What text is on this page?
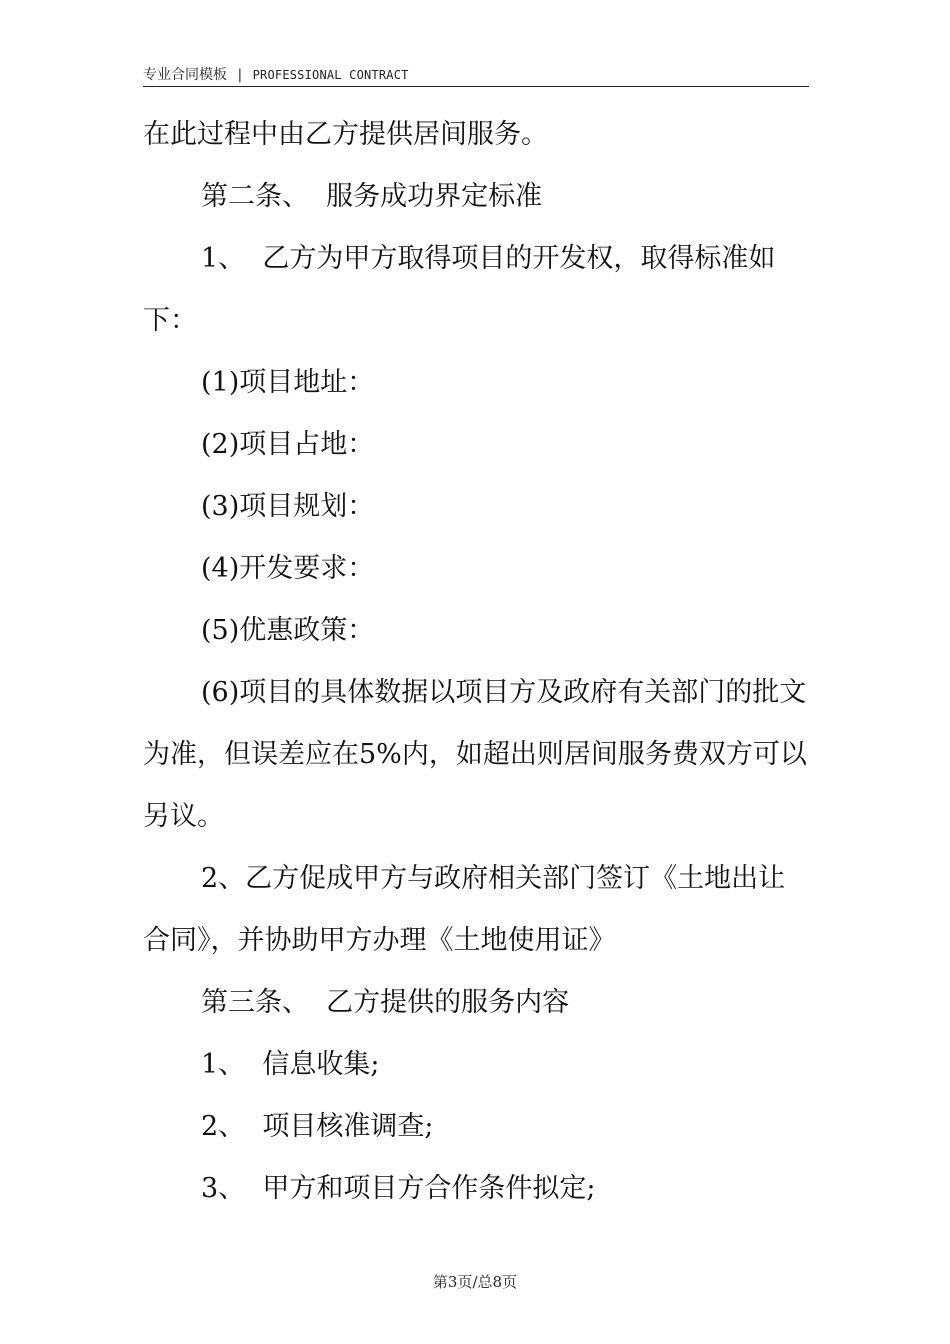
专业合同模板 | PROFESSIONAL CONTRACT

在此过程中由乙方提供居间服务。

第二条、  服务成功界定标准

1、  乙方为甲方取得项目的开发权，取得标准如下：

(1)项目地址：

(2)项目占地：

(3)项目规划：

(4)开发要求：

(5)优惠政策：

(6)项目的具体数据以项目方及政府有关部门的批文为准，但误差应在5%内，如超出则居间服务费双方可以另议。

2、乙方促成甲方与政府相关部门签订《土地出让合同》，并协助甲方办理《土地使用证》

第三条、  乙方提供的服务内容

1、  信息收集;

2、  项目核准调查;

3、  甲方和项目方合作条件拟定;

第3页/总8页
